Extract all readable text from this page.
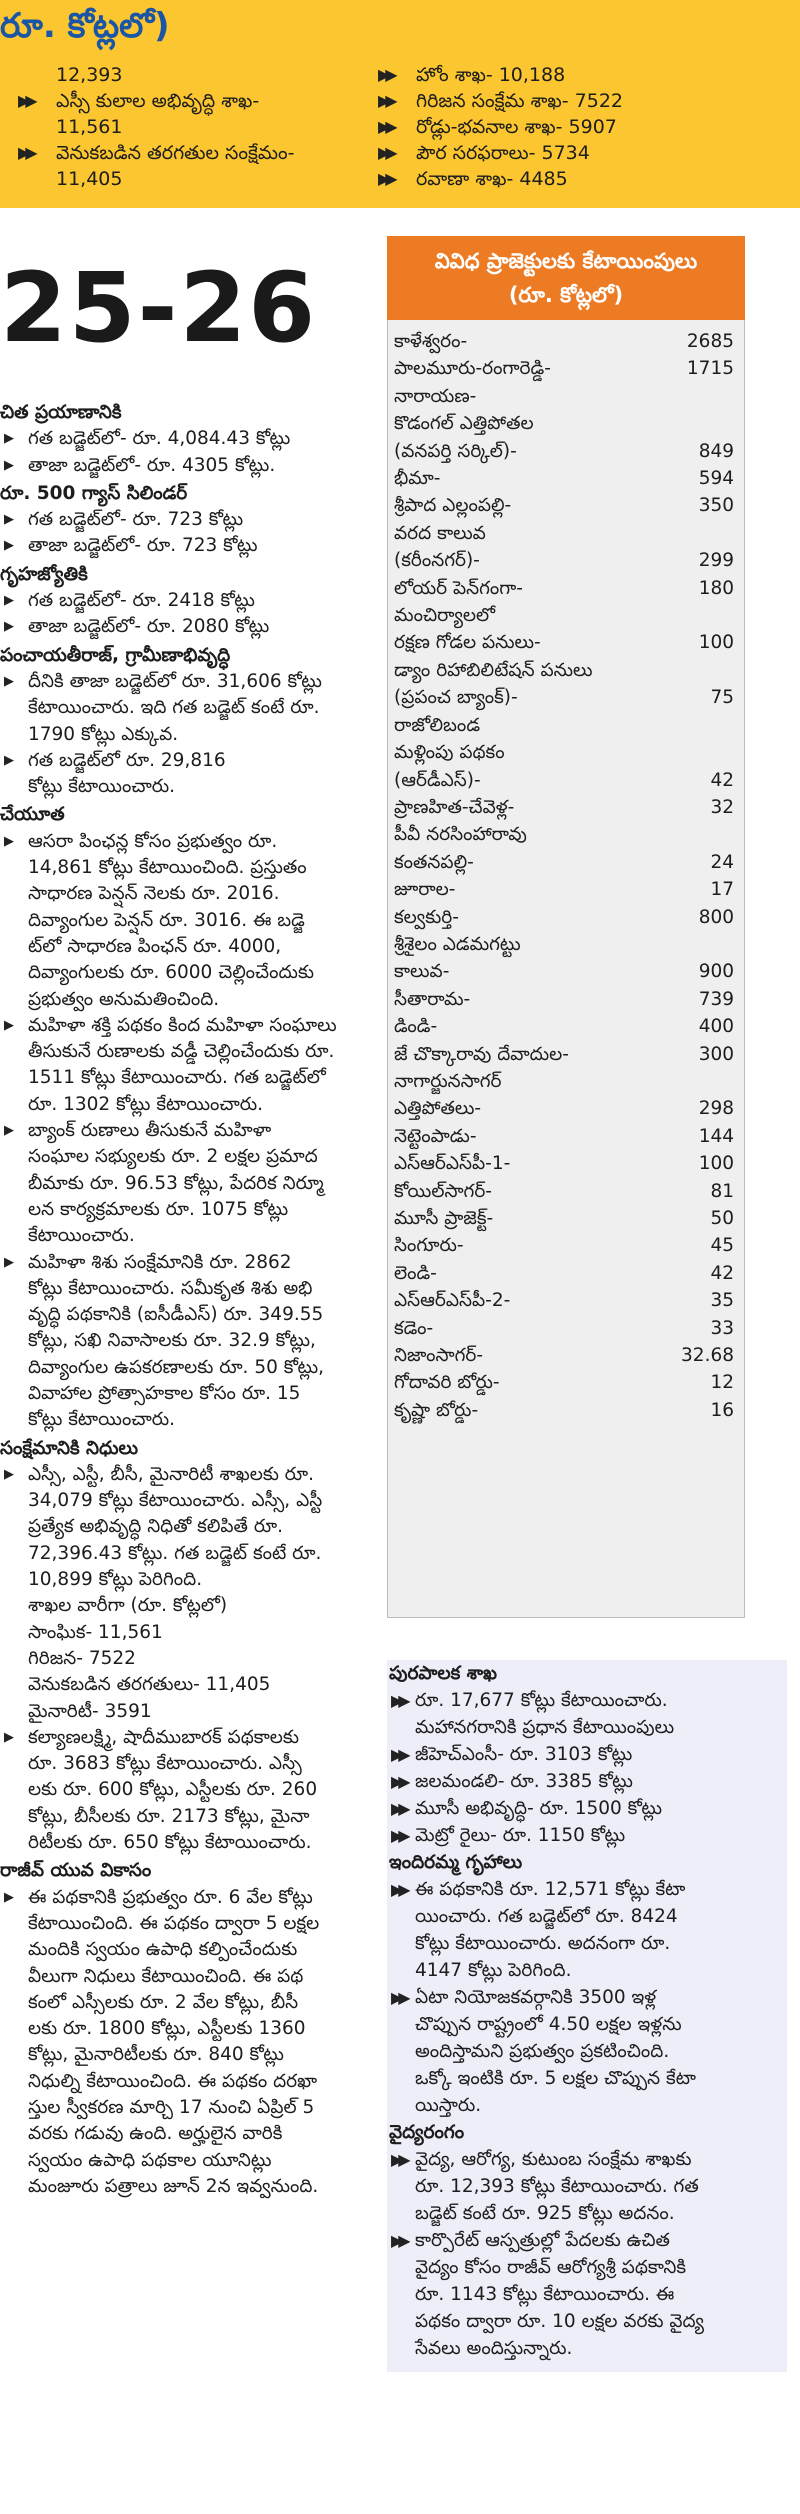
రూ. కోట్లలో)
12,393
▶▶ ఎస్సీ కులాల అభివృద్ధి శాఖ-
11,561
▶▶ వెనుకబడిన తరగతుల సంక్షేమం-
11,405
▶▶ హోం శాఖ- 10,188
▶▶ గిరిజన సంక్షేమ శాఖ- 7522
▶▶ రోడ్లు-భవనాల శాఖ- 5907
▶▶ పౌర సరఫరాలు- 5734
▶▶ రవాణా శాఖ- 4485
25-26
చిత ప్రయాణానికి
▶ గత బడ్జెట్‌లో- రూ. 4,084.43 కోట్లు
▶ తాజా బడ్జెట్‌లో- రూ. 4305 కోట్లు.
రూ. 500 గ్యాస్ సిలిండర్
▶ గత బడ్జెట్‌లో- రూ. 723 కోట్లు
▶ తాజా బడ్జెట్‌లో- రూ. 723 కోట్లు
గృహజ్యోతికి
▶ గత బడ్జెట్‌లో- రూ. 2418 కోట్లు
▶ తాజా బడ్జెట్‌లో- రూ. 2080 కోట్లు
పంచాయతీరాజ్, గ్రామీణాభివృద్ధి
▶ దీనికి తాజా బడ్జెట్‌లో రూ. 31,606 కోట్లు
కేటాయించారు. ఇది గత బడ్జెట్ కంటే రూ.
1790 కోట్లు ఎక్కువ.
▶ గత బడ్జెట్‌లో రూ. 29,816
కోట్లు కేటాయించారు.
చేయూత
▶ ఆసరా పింఛన్ల కోసం ప్రభుత్వం రూ.
14,861 కోట్లు కేటాయించింది. ప్రస్తుతం
సాధారణ పెన్షన్ నెలకు రూ. 2016.
దివ్యాంగుల పెన్షన్ రూ. 3016. ఈ బడ్జె
ట్‌లో సాధారణ పింఛన్ రూ. 4000,
దివ్యాంగులకు రూ. 6000 చెల్లించేందుకు
ప్రభుత్వం అనుమతించింది.
▶ మహిళా శక్తి పథకం కింద మహిళా సంఘాలు
తీసుకునే రుణాలకు వడ్డీ చెల్లించేందుకు రూ.
1511 కోట్లు కేటాయించారు. గత బడ్జెట్‌లో
రూ. 1302 కోట్లు కేటాయించారు.
▶ బ్యాంక్ రుణాలు తీసుకునే మహిళా
సంఘాల సభ్యులకు రూ. 2 లక్షల ప్రమాద
బీమాకు రూ. 96.53 కోట్లు, పేదరిక నిర్మూ
లన కార్యక్రమాలకు రూ. 1075 కోట్లు
కేటాయించారు.
▶ మహిళా శిశు సంక్షేమానికి రూ. 2862
కోట్లు కేటాయించారు. సమీకృత శిశు అభి
వృద్ధి పథకానికి (ఐసీడీఎస్) రూ. 349.55
కోట్లు, సఖి నివాసాలకు రూ. 32.9 కోట్లు,
దివ్యాంగుల ఉపకరణాలకు రూ. 50 కోట్లు,
వివాహాల ప్రోత్సాహకాల కోసం రూ. 15
కోట్లు కేటాయించారు.
సంక్షేమానికి నిధులు
▶ ఎస్సీ, ఎస్టీ, బీసీ, మైనారిటీ శాఖలకు రూ.
34,079 కోట్లు కేటాయించారు. ఎస్సీ, ఎస్టీ
ప్రత్యేక అభివృద్ధి నిధితో కలిపితే రూ.
72,396.43 కోట్లు. గత బడ్జెట్ కంటే రూ.
10,899 కోట్లు పెరిగింది.
శాఖల వారీగా (రూ. కోట్లలో)
సాంఘిక- 11,561
గిరిజన- 7522
వెనుకబడిన తరగతులు- 11,405
మైనారిటీ- 3591
▶ కల్యాణలక్ష్మి, షాదీముబారక్ పథకాలకు
రూ. 3683 కోట్లు కేటాయించారు. ఎస్సీ
లకు రూ. 600 కోట్లు, ఎస్టీలకు రూ. 260
కోట్లు, బీసీలకు రూ. 2173 కోట్లు, మైనా
రిటీలకు రూ. 650 కోట్లు కేటాయించారు.
రాజీవ్ యువ వికాసం
▶ ఈ పథకానికి ప్రభుత్వం రూ. 6 వేల కోట్లు
కేటాయించింది. ఈ పథకం ద్వారా 5 లక్షల
మందికి స్వయం ఉపాధి కల్పించేందుకు
వీలుగా నిధులు కేటాయించింది. ఈ పథ
కంలో ఎస్సీలకు రూ. 2 వేల కోట్లు, బీసీ
లకు రూ. 1800 కోట్లు, ఎస్టీలకు 1360
కోట్లు, మైనారిటీలకు రూ. 840 కోట్లు
నిధుల్ని కేటాయించింది. ఈ పథకం దరఖా
స్తుల స్వీకరణ మార్చి 17 నుంచి ఏప్రిల్ 5
వరకు గడువు ఉంది. అర్హులైన వారికి
స్వయం ఉపాధి పథకాల యూనిట్లు
మంజూరు పత్రాలు జూన్ 2న ఇవ్వనుంది.
వివిధ ప్రాజెక్టులకు కేటాయింపులు
(రూ. కోట్లలో)
కాళేశ్వరం-	2685
పాలమూరు-రంగారెడ్డి-	1715
నారాయణ-
కొడంగల్ ఎత్తిపోతల
(వనపర్తి సర్కిల్)-	849
భీమా-	594
శ్రీపాద ఎల్లంపల్లి-	350
వరద కాలువ
(కరీంనగర్)-	299
లోయర్ పెన్‌గంగా-	180
మంచిర్యాలలో
రక్షణ గోడల పనులు-	100
డ్యాం రిహాబిలిటేషన్ పనులు
(ప్రపంచ బ్యాంక్)-	75
రాజోలిబండ
మళ్లింపు పథకం
(ఆర్‌డీఎస్)-	42
ప్రాణహిత-చేవెళ్ల-	32
పీవీ నరసింహారావు
కంతనపల్లి-	24
జూరాల-	17
కల్వకుర్తి-	800
శ్రీశైలం ఎడమగట్టు
కాలువ-	900
సీతారామ-	739
డిండి-	400
జే చొక్కారావు దేవాదుల-	300
నాగార్జునసాగర్
ఎత్తిపోతలు-	298
నెట్టెంపాడు-	144
ఎస్ఆర్ఎస్‌పీ-1-	100
కోయిల్‌సాగర్-	81
మూసీ ప్రాజెక్ట్-	50
సింగూరు-	45
లెండి-	42
ఎస్ఆర్ఎస్‌పీ-2-	35
కడెం-	33
నిజాంసాగర్-	32.68
గోదావరి బోర్డు-	12
కృష్ణా బోర్డు-	16
పురపాలక శాఖ
▶▶ రూ. 17,677 కోట్లు కేటాయించారు.
మహానగరానికి ప్రధాన కేటాయింపులు
▶▶ జీహెచ్ఎంసీ- రూ. 3103 కోట్లు
▶▶ జలమండలి- రూ. 3385 కోట్లు
▶▶ మూసీ అభివృద్ధి- రూ. 1500 కోట్లు
▶▶ మెట్రో రైలు- రూ. 1150 కోట్లు
ఇందిరమ్మ గృహాలు
▶▶ ఈ పథకానికి రూ. 12,571 కోట్లు కేటా
యించారు. గత బడ్జెట్‌లో రూ. 8424
కోట్లు కేటాయించారు. అదనంగా రూ.
4147 కోట్లు పెరిగింది.
▶▶ ఏటా నియోజకవర్గానికి 3500 ఇళ్ల
చొప్పున రాష్ట్రంలో 4.50 లక్షల ఇళ్లను
అందిస్తామని ప్రభుత్వం ప్రకటించింది.
ఒక్కో ఇంటికి రూ. 5 లక్షల చొప్పున కేటా
యిస్తారు.
వైద్యరంగం
▶▶ వైద్య, ఆరోగ్య, కుటుంబ సంక్షేమ శాఖకు
రూ. 12,393 కోట్లు కేటాయించారు. గత
బడ్జెట్ కంటే రూ. 925 కోట్లు అదనం.
▶▶ కార్పొరేట్ ఆస్పత్రుల్లో పేదలకు ఉచిత
వైద్యం కోసం రాజీవ్ ఆరోగ్యశ్రీ పథకానికి
రూ. 1143 కోట్లు కేటాయించారు. ఈ
పథకం ద్వారా రూ. 10 లక్షల వరకు వైద్య
సేవలు అందిస్తున్నారు.
